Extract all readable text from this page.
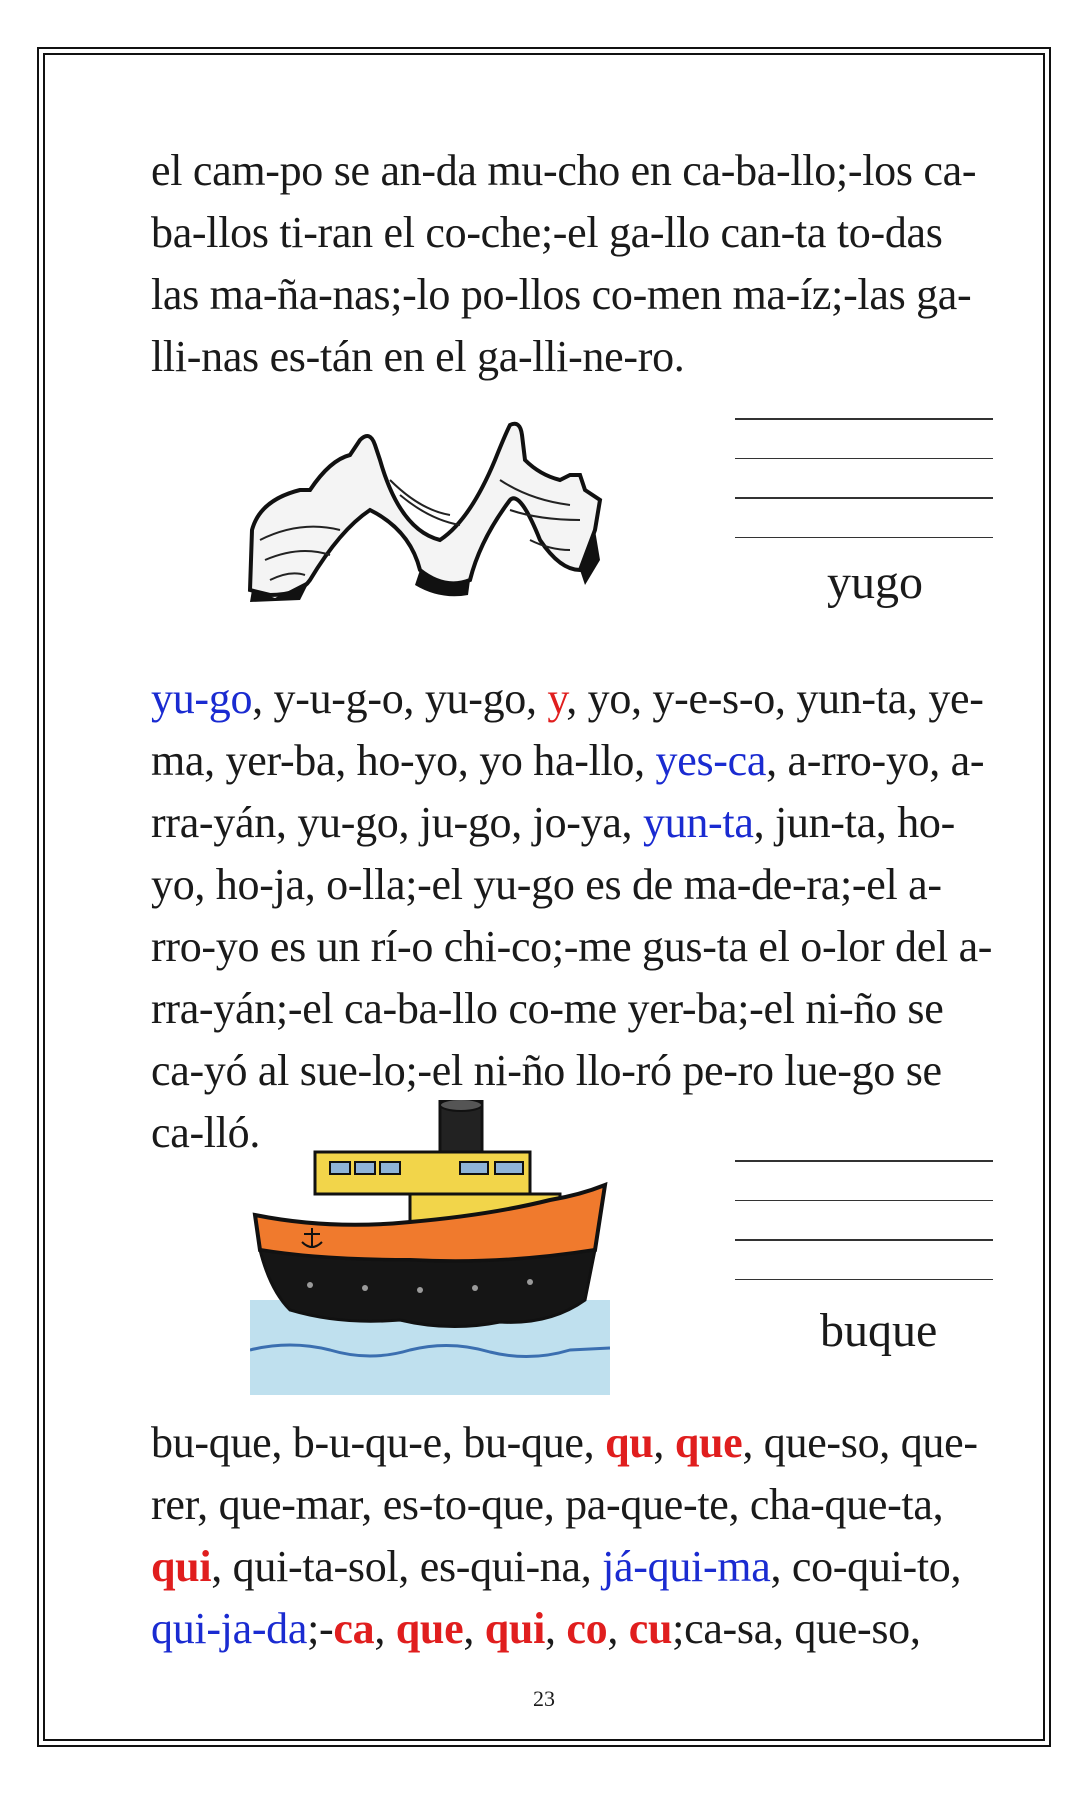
el cam-po se an-da mu-cho en ca-ba-llo;-los ca-
ba-llos ti-ran el co-che;-el ga-llo can-ta to-das
las ma-ña-nas;-lo po-llos co-men ma-íz;-las ga-
lli-nas es-tán en el ga-lli-ne-ro.
yugo
yu-go, y-u-g-o, yu-go, y, yo, y-e-s-o, yun-ta, ye-
ma, yer-ba, ho-yo, yo ha-llo, yes-ca, a-rro-yo, a-
rra-yán, yu-go, ju-go, jo-ya, yun-ta, jun-ta, ho-
yo, ho-ja, o-lla;-el yu-go es de ma-de-ra;-el a-
rro-yo es un rí-o chi-co;-me gus-ta el o-lor del a-
rra-yán;-el ca-ba-llo co-me yer-ba;-el ni-ño se
ca-yó al sue-lo;-el ni-ño llo-ró pe-ro lue-go se
ca-lló.
buque
bu-que, b-u-qu-e, bu-que, qu, que, que-so, que-
rer, que-mar, es-to-que, pa-que-te, cha-que-ta,
qui, qui-ta-sol, es-qui-na, já-qui-ma, co-qui-to,
qui-ja-da;-ca, que, qui, co, cu;ca-sa, que-so,
23
